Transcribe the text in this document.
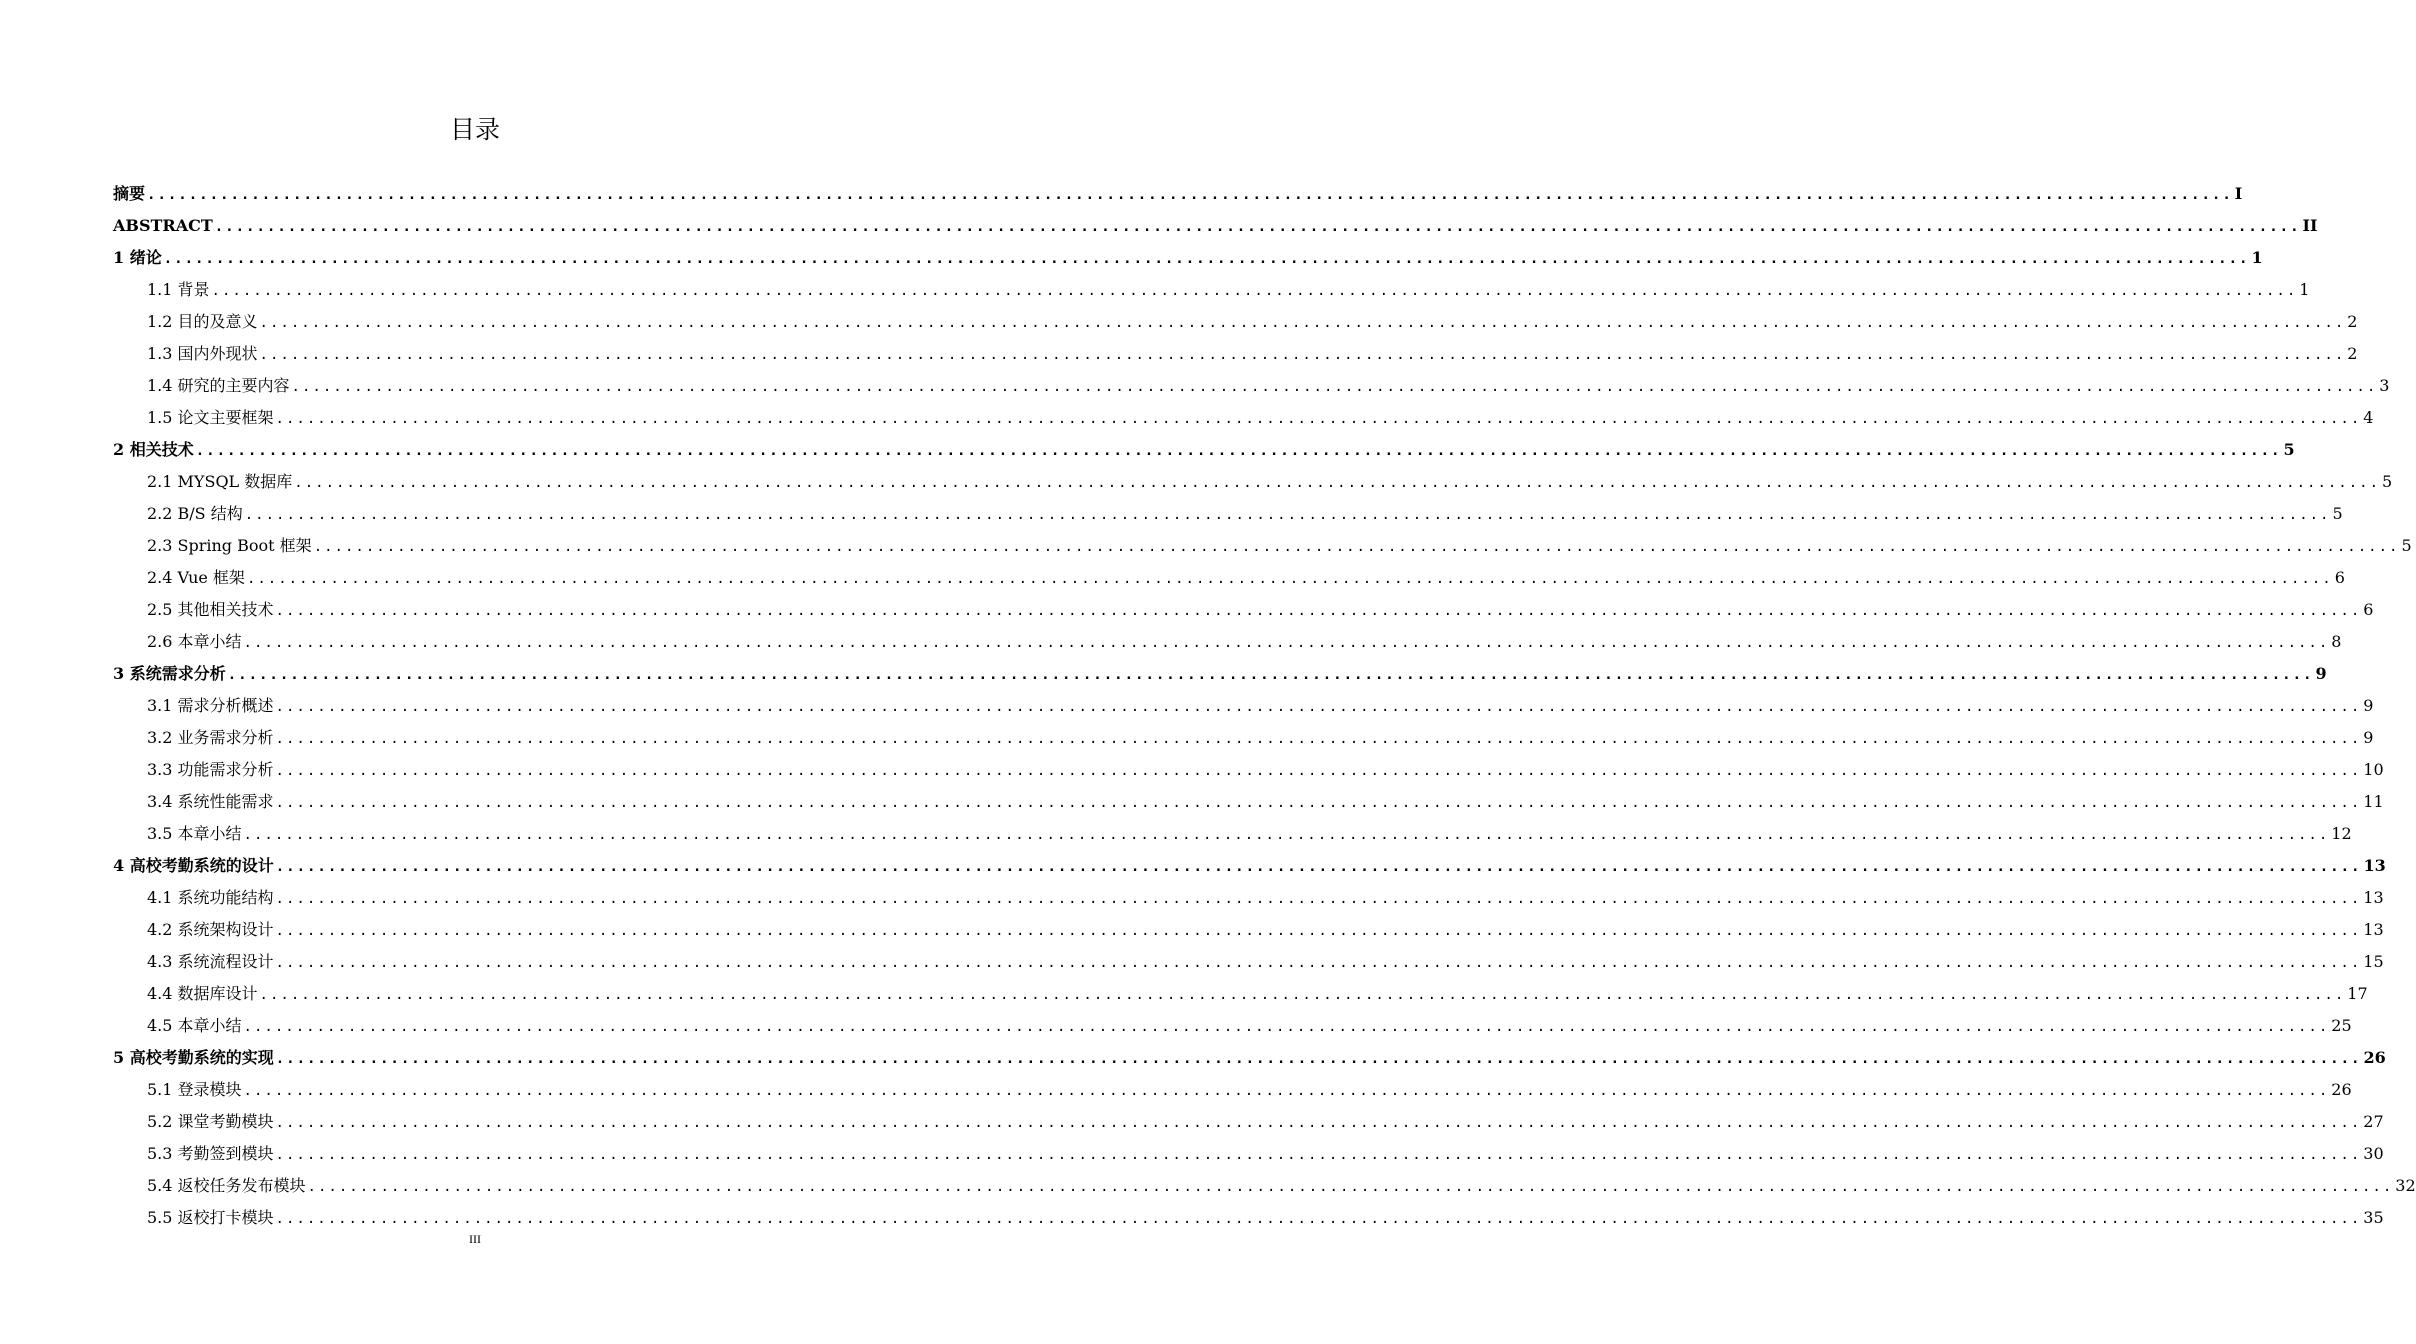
目录
摘要 ........................................................................................................................................................................................................ I
ABSTRACT ........................................................................................................................................................................................................ II
1 绪论 ........................................................................................................................................................................................................ 1
1.1 背景 ........................................................................................................................................................................................................ 1
1.2 目的及意义 ........................................................................................................................................................................................................ 2
1.3 国内外现状 ........................................................................................................................................................................................................ 2
1.4 研究的主要内容 ........................................................................................................................................................................................................ 3
1.5 论文主要框架 ........................................................................................................................................................................................................ 4
2 相关技术 ........................................................................................................................................................................................................ 5
2.1 MYSQL 数据库 ........................................................................................................................................................................................................ 5
2.2 B/S 结构 ........................................................................................................................................................................................................ 5
2.3 Spring Boot 框架 ........................................................................................................................................................................................................ 5
2.4 Vue 框架 ........................................................................................................................................................................................................ 6
2.5 其他相关技术 ........................................................................................................................................................................................................ 6
2.6 本章小结 ........................................................................................................................................................................................................ 8
3 系统需求分析 ........................................................................................................................................................................................................ 9
3.1 需求分析概述 ........................................................................................................................................................................................................ 9
3.2 业务需求分析 ........................................................................................................................................................................................................ 9
3.3 功能需求分析 ........................................................................................................................................................................................................ 10
3.4 系统性能需求 ........................................................................................................................................................................................................ 11
3.5 本章小结 ........................................................................................................................................................................................................ 12
4 高校考勤系统的设计 ........................................................................................................................................................................................................ 13
4.1 系统功能结构 ........................................................................................................................................................................................................ 13
4.2 系统架构设计 ........................................................................................................................................................................................................ 13
4.3 系统流程设计 ........................................................................................................................................................................................................ 15
4.4 数据库设计 ........................................................................................................................................................................................................ 17
4.5 本章小结 ........................................................................................................................................................................................................ 25
5 高校考勤系统的实现 ........................................................................................................................................................................................................ 26
5.1 登录模块 ........................................................................................................................................................................................................ 26
5.2 课堂考勤模块 ........................................................................................................................................................................................................ 27
5.3 考勤签到模块 ........................................................................................................................................................................................................ 30
5.4 返校任务发布模块 ........................................................................................................................................................................................................ 32
5.5 返校打卡模块 ........................................................................................................................................................................................................ 35
III
